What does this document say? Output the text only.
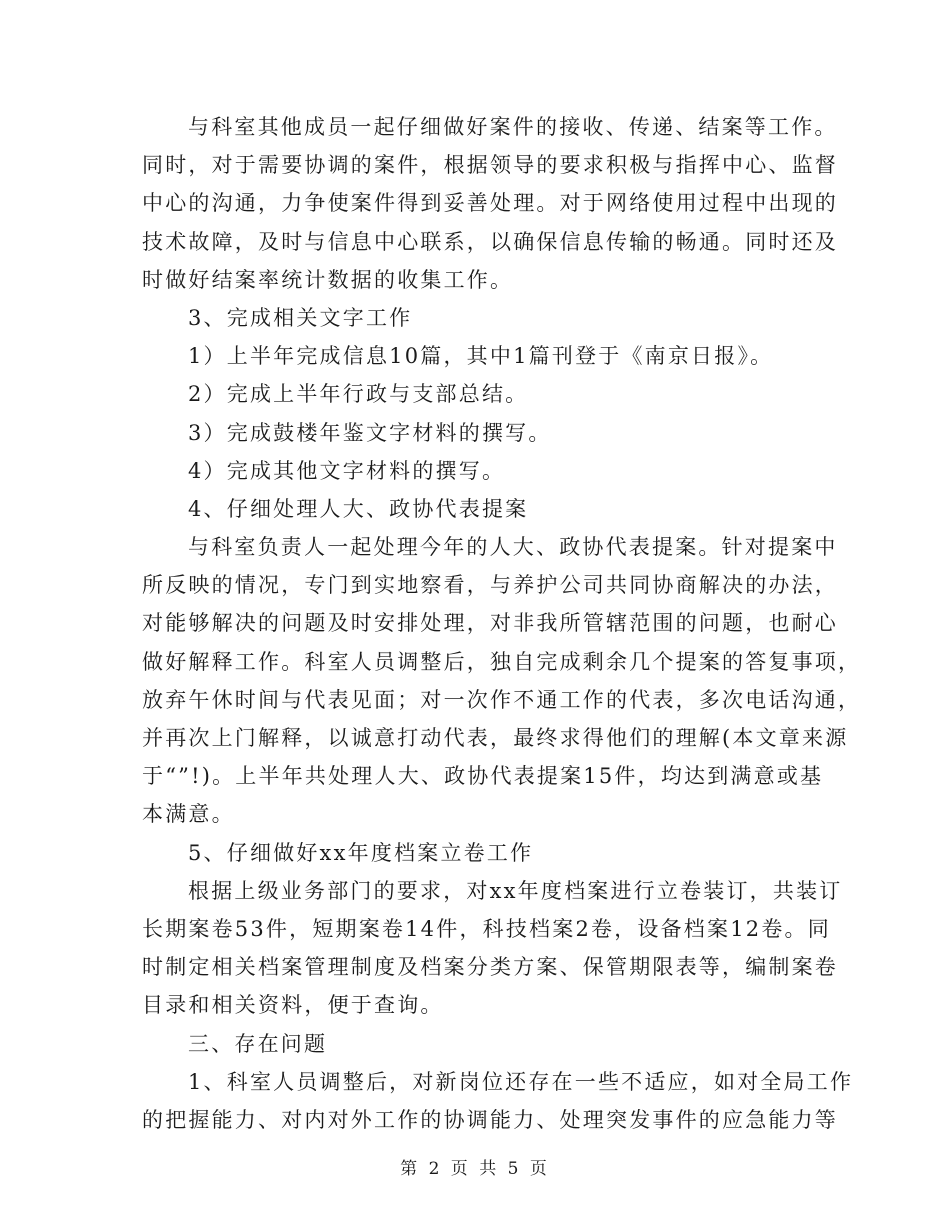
与科室其他成员一起仔细做好案件的接收、传递、结案等工作。
同时，对于需要协调的案件，根据领导的要求积极与指挥中心、监督
中心的沟通，力争使案件得到妥善处理。对于网络使用过程中出现的
技术故障，及时与信息中心联系，以确保信息传输的畅通。同时还及
时做好结案率统计数据的收集工作。
3、完成相关文字工作
1）上半年完成信息10篇，其中1篇刊登于《南京日报》。
2）完成上半年行政与支部总结。
3）完成鼓楼年鉴文字材料的撰写。
4）完成其他文字材料的撰写。
4、仔细处理人大、政协代表提案
与科室负责人一起处理今年的人大、政协代表提案。针对提案中
所反映的情况，专门到实地察看，与养护公司共同协商解决的办法，
对能够解决的问题及时安排处理，对非我所管辖范围的问题，也耐心
做好解释工作。科室人员调整后，独自完成剩余几个提案的答复事项，
放弃午休时间与代表见面；对一次作不通工作的代表，多次电话沟通，
并再次上门解释，以诚意打动代表，最终求得他们的理解(本文章来源
于“”!)。上半年共处理人大、政协代表提案15件，均达到满意或基
本满意。
5、仔细做好xx年度档案立卷工作
根据上级业务部门的要求，对xx年度档案进行立卷装订，共装订
长期案卷53件，短期案卷14件，科技档案2卷，设备档案12卷。同
时制定相关档案管理制度及档案分类方案、保管期限表等，编制案卷
目录和相关资料，便于查询。
三、存在问题
1、科室人员调整后，对新岗位还存在一些不适应，如对全局工作
的把握能力、对内对外工作的协调能力、处理突发事件的应急能力等
第 2 页 共 5 页
